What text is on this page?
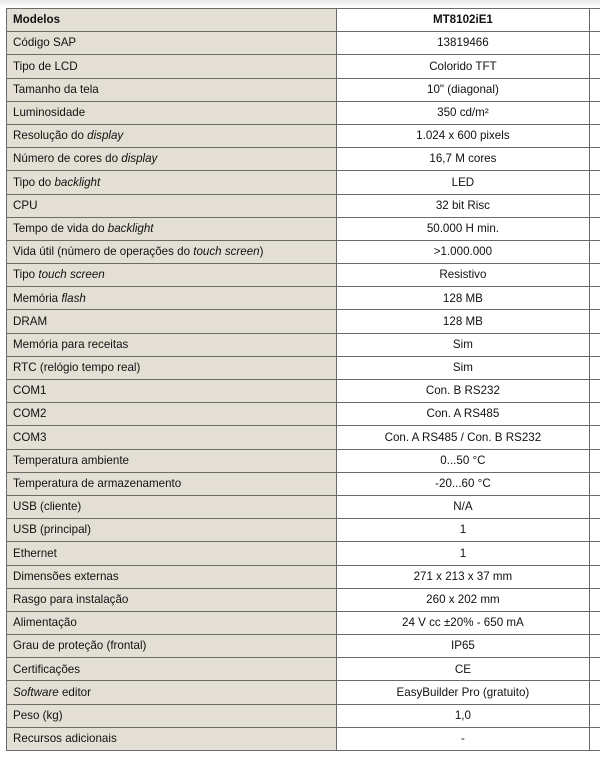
Modelos	MT8102iE1	
Código SAP	13819466	
Tipo de LCD	Colorido TFT	
Tamanho da tela	10" (diagonal)	
Luminosidade	350 cd/m²	
Resolução do display	1.024 x 600 pixels	
Número de cores do display	16,7 M cores	
Tipo do backlight	LED	
CPU	32 bit Risc	
Tempo de vida do backlight	50.000 H min.	
Vida útil (número de operações do touch screen)	>1.000.000	
Tipo touch screen	Resistivo	
Memória flash	128 MB	
DRAM	128 MB	
Memória para receitas	Sim	
RTC (relógio tempo real)	Sim	
COM1	Con. B RS232	
COM2	Con. A RS485	
COM3	Con. A RS485 / Con. B RS232	
Temperatura ambiente	0...50 °C	
Temperatura de armazenamento	-20...60 °C	
USB (cliente)	N/A	
USB (principal)	1	
Ethernet	1	
Dimensões externas	271 x 213 x 37 mm	
Rasgo para instalação	260 x 202 mm	
Alimentação	24 V cc ±20% - 650 mA	
Grau de proteção (frontal)	IP65	
Certificações	CE	
Software editor	EasyBuilder Pro (gratuito)	
Peso (kg)	1,0	
Recursos adicionais	-	
